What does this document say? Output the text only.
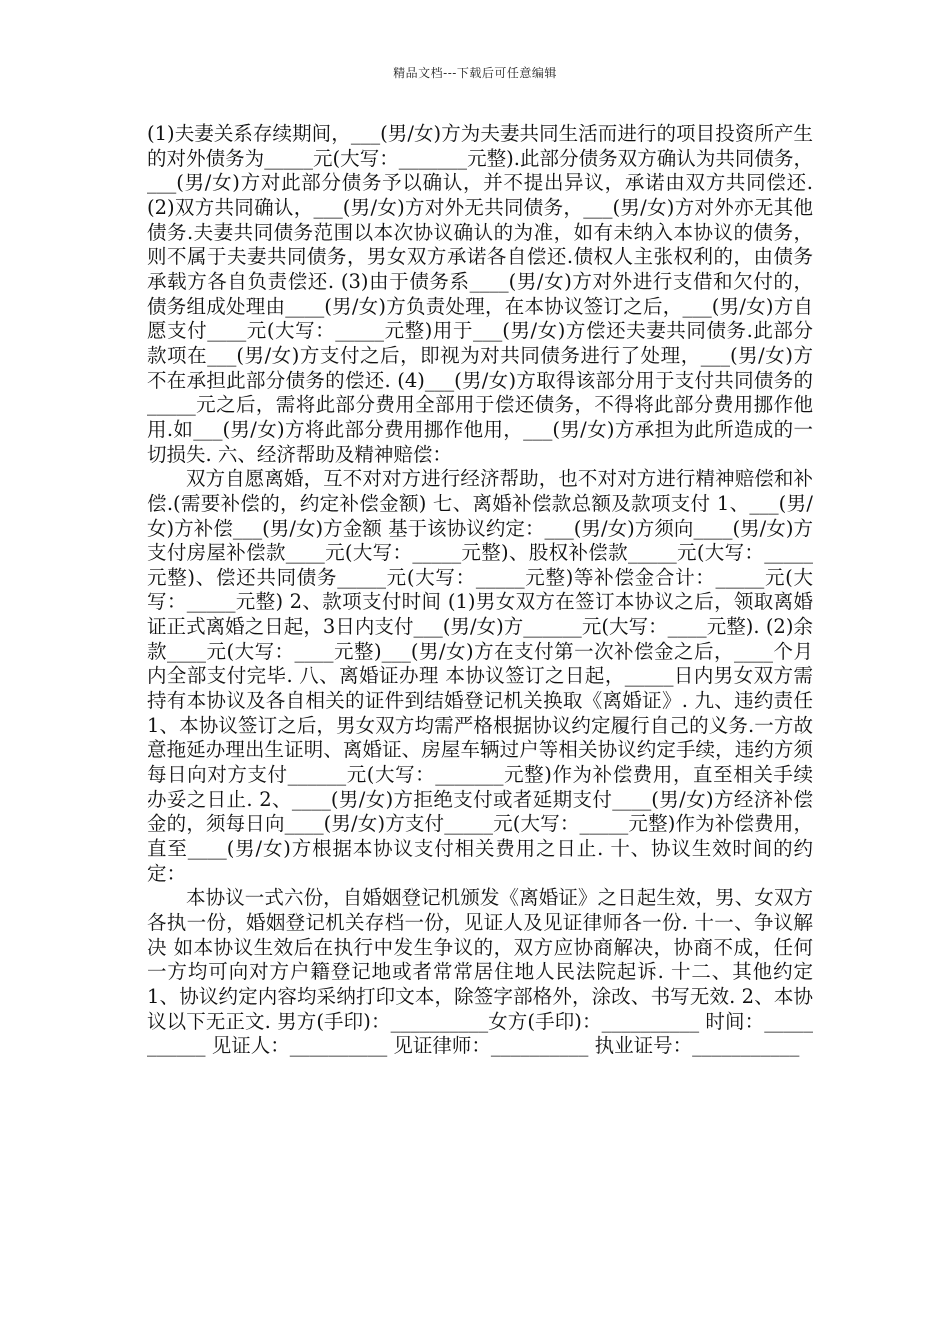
精品文档---下载后可任意编辑

(1)夫妻关系存续期间，___(男/女)方为夫妻共同生活而进行的项目投资所产生的对外债务为_____元(大写：_______元整).此部分债务双方确认为共同债务，___(男/女)方对此部分债务予以确认，并不提出异议，承诺由双方共同偿还. (2)双方共同确认，___(男/女)方对外无共同债务，___(男/女)方对外亦无其他债务.夫妻共同债务范围以本次协议确认的为准，如有未纳入本协议的债务，则不属于夫妻共同债务，男女双方承诺各自偿还.债权人主张权利的，由债务承载方各自负责偿还. (3)由于债务系____(男/女)方对外进行支借和欠付的，债务组成处理由____(男/女)方负责处理，在本协议签订之后，___(男/女)方自愿支付____元(大写：_____元整)用于___(男/女)方偿还夫妻共同债务.此部分款项在___(男/女)方支付之后，即视为对共同债务进行了处理，___(男/女)方不在承担此部分债务的偿还. (4)___(男/女)方取得该部分用于支付共同债务的_____元之后，需将此部分费用全部用于偿还债务，不得将此部分费用挪作他用.如___(男/女)方将此部分费用挪作他用，___(男/女)方承担为此所造成的一切损失. 六、经济帮助及精神赔偿：

双方自愿离婚，互不对对方进行经济帮助，也不对对方进行精神赔偿和补偿.(需要补偿的，约定补偿金额) 七、离婚补偿款总额及款项支付 1、___(男/女)方补偿___(男/女)方金额 基于该协议约定：___(男/女)方须向____(男/女)方支付房屋补偿款____元(大写：_____元整)、股权补偿款_____元(大写：_____元整)、偿还共同债务_____元(大写：_____元整)等补偿金合计：_____元(大写：_____元整) 2、款项支付时间 (1)男女双方在签订本协议之后，领取离婚证正式离婚之日起，3日内支付___(男/女)方______元(大写：____元整). (2)余款____元(大写：____元整)___(男/女)方在支付第一次补偿金之后，____个月内全部支付完毕. 八、离婚证办理 本协议签订之日起，_____日内男女双方需持有本协议及各自相关的证件到结婚登记机关换取《离婚证》. 九、违约责任 1、本协议签订之后，男女双方均需严格根据协议约定履行自己的义务.一方故意拖延办理出生证明、离婚证、房屋车辆过户等相关协议约定手续，违约方须每日向对方支付______元(大写：_______元整)作为补偿费用，直至相关手续办妥之日止. 2、____(男/女)方拒绝支付或者延期支付____(男/女)方经济补偿金的，须每日向____(男/女)方支付_____元(大写：_____元整)作为补偿费用，直至____(男/女)方根据本协议支付相关费用之日止. 十、协议生效时间的约定：

本协议一式六份，自婚姻登记机颁发《离婚证》之日起生效，男、女双方各执一份，婚姻登记机关存档一份，见证人及见证律师各一份. 十一、争议解决 如本协议生效后在执行中发生争议的，双方应协商解决，协商不成，任何一方均可向对方户籍登记地或者常常居住地人民法院起诉. 十二、其他约定 1、协议约定内容均采纳打印文本，除签字部格外，涂改、书写无效. 2、本协议以下无正文. 男方(手印)：__________女方(手印)：__________ 时间：___________ 见证人：__________ 见证律师：__________ 执业证号：___________
